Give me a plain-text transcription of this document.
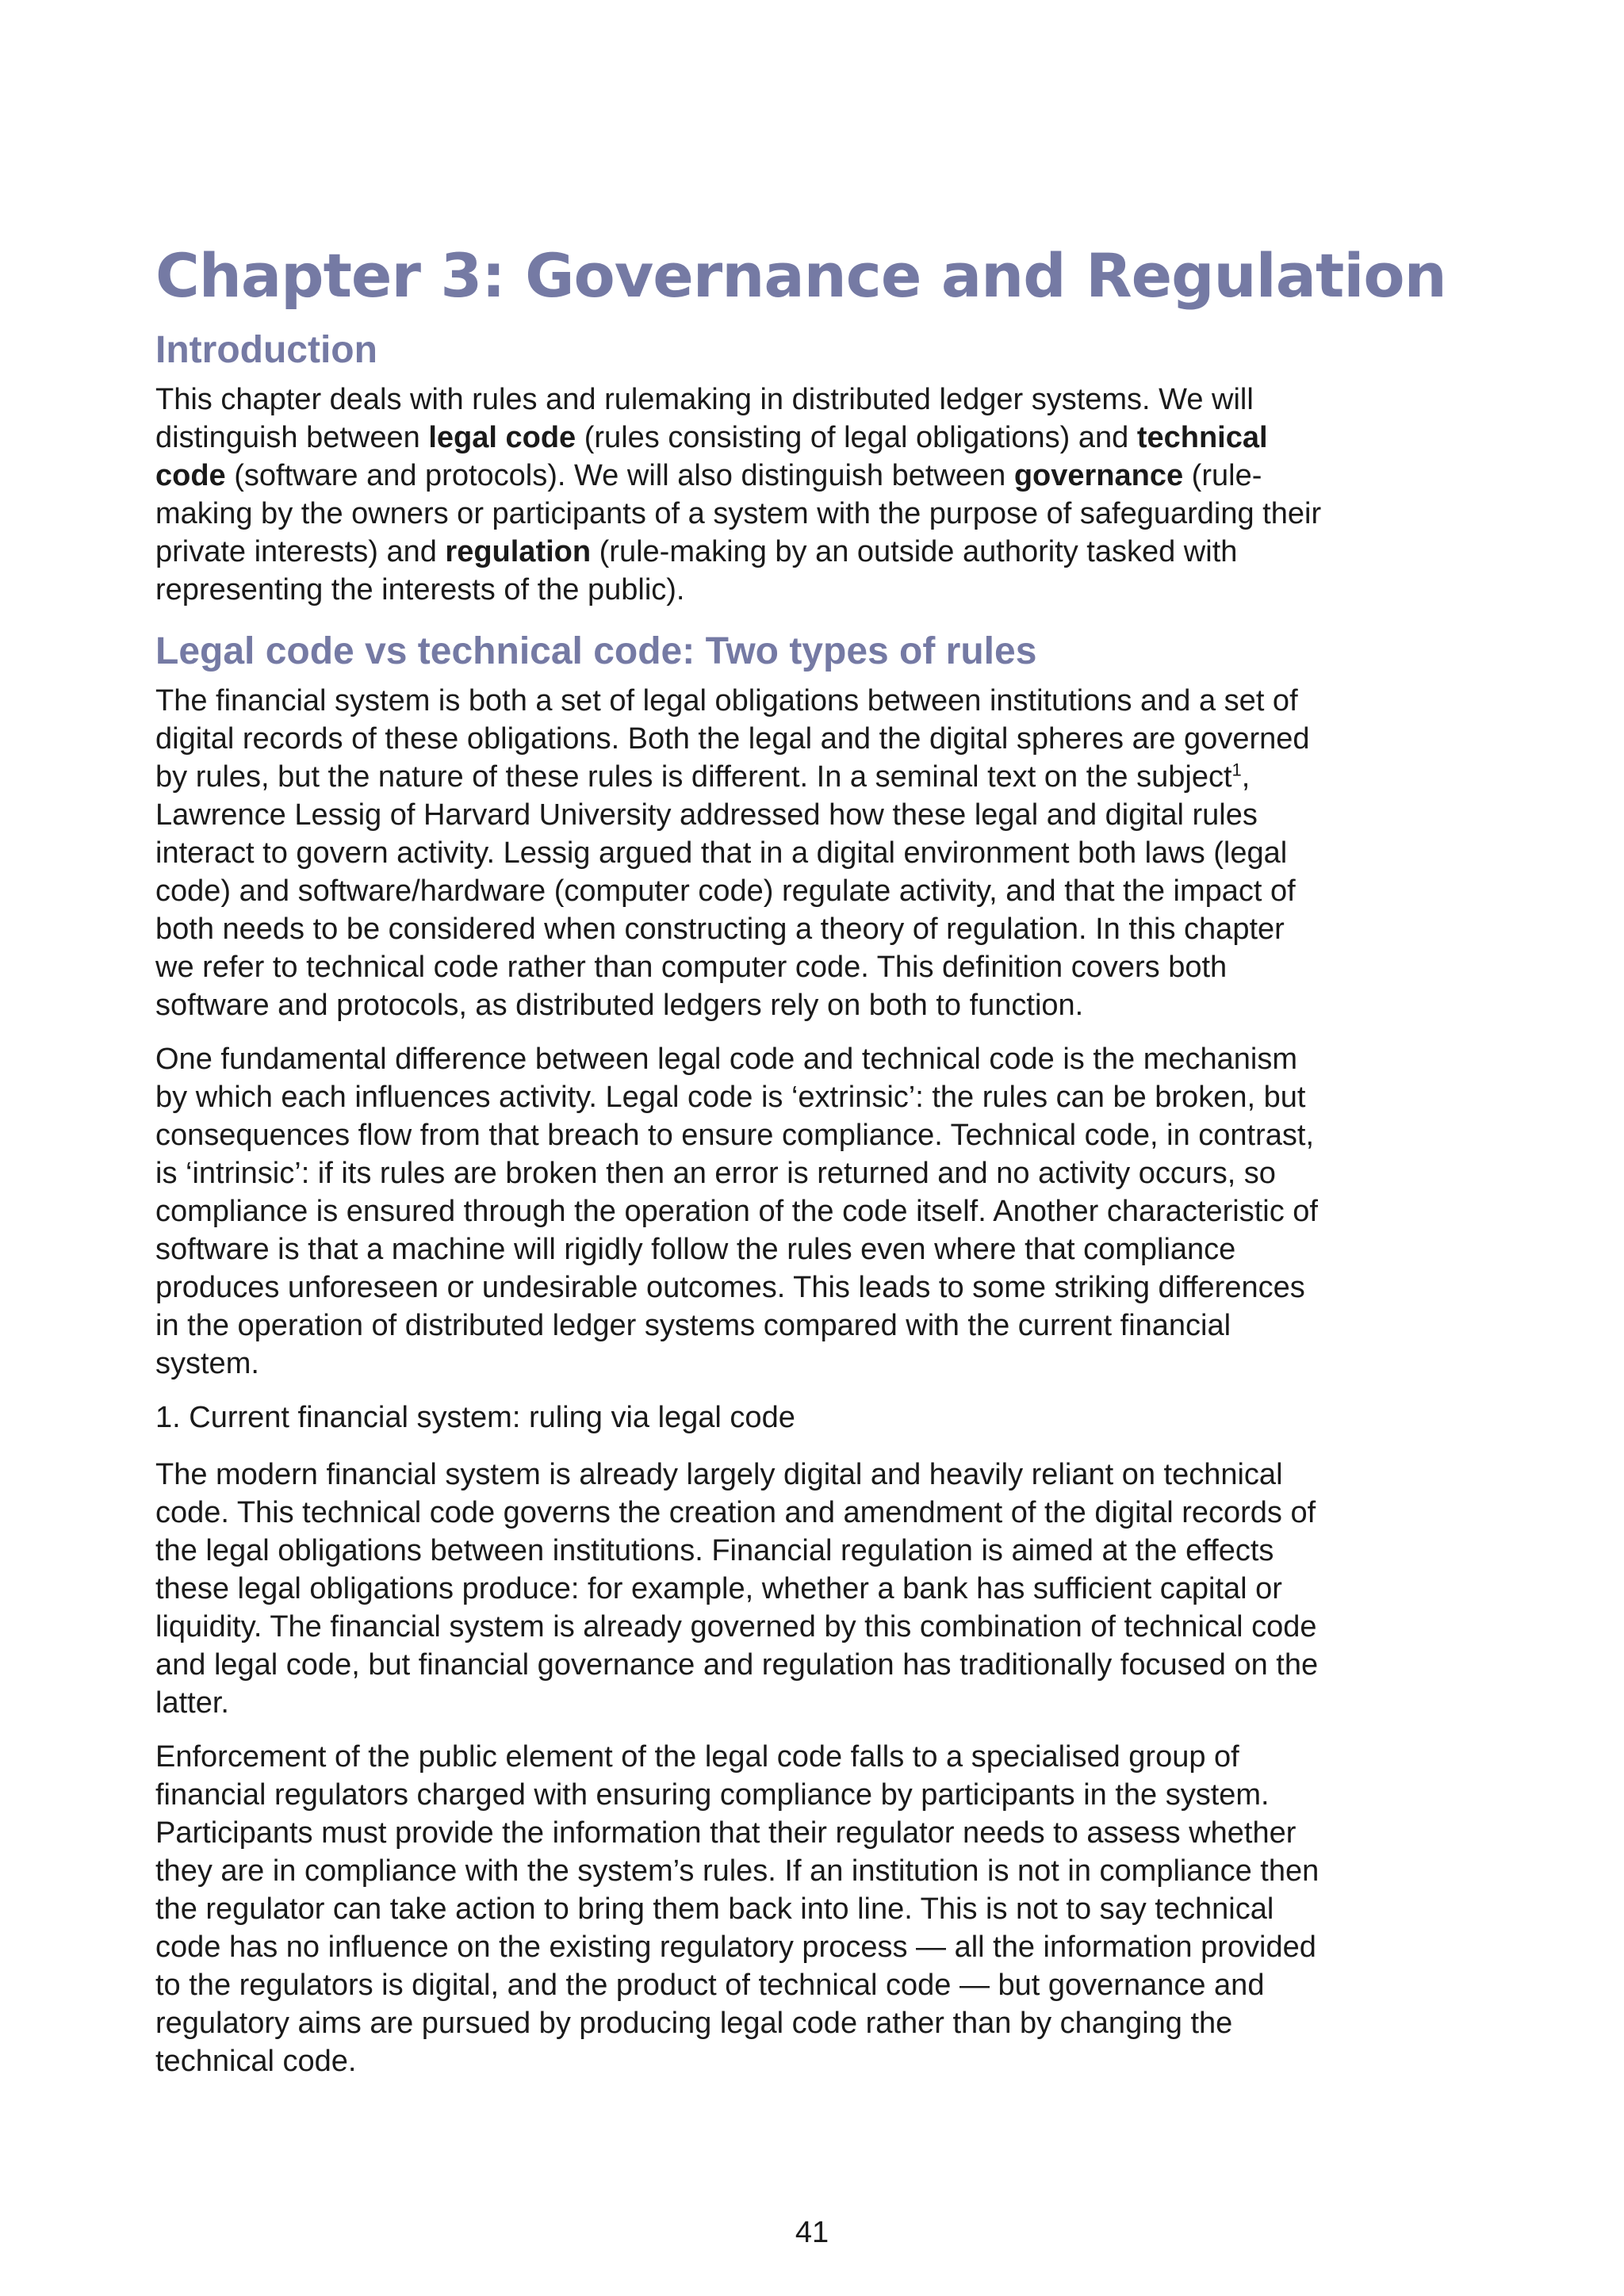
Chapter 3: Governance and Regulation
Introduction

This chapter deals with rules and rulemaking in distributed ledger systems. We will distinguish between legal code (rules consisting of legal obligations) and technical code (software and protocols). We will also distinguish between governance (rule-making by the owners or participants of a system with the purpose of safeguarding their private interests) and regulation (rule-making by an outside authority tasked with representing the interests of the public).

Legal code vs technical code: Two types of rules

The financial system is both a set of legal obligations between institutions and a set of digital records of these obligations. Both the legal and the digital spheres are governed by rules, but the nature of these rules is different. In a seminal text on the subject$^1$, Lawrence Lessig of Harvard University addressed how these legal and digital rules interact to govern activity. Lessig argued that in a digital environment both laws (legal code) and software/hardware (computer code) regulate activity, and that the impact of both needs to be considered when constructing a theory of regulation. In this chapter we refer to technical code rather than computer code. This definition covers both software and protocols, as distributed ledgers rely on both to function.

One fundamental difference between legal code and technical code is the mechanism by which each influences activity. Legal code is ‘extrinsic’: the rules can be broken, but consequences flow from that breach to ensure compliance. Technical code, in contrast, is ‘intrinsic’: if its rules are broken then an error is returned and no activity occurs, so compliance is ensured through the operation of the code itself. Another characteristic of software is that a machine will rigidly follow the rules even where that compliance produces unforeseen or undesirable outcomes. This leads to some striking differences in the operation of distributed ledger systems compared with the current financial system.

1. Current financial system: ruling via legal code

The modern financial system is already largely digital and heavily reliant on technical code. This technical code governs the creation and amendment of the digital records of the legal obligations between institutions. Financial regulation is aimed at the effects these legal obligations produce: for example, whether a bank has sufficient capital or liquidity. The financial system is already governed by this combination of technical code and legal code, but financial governance and regulation has traditionally focused on the latter.

Enforcement of the public element of the legal code falls to a specialised group of financial regulators charged with ensuring compliance by participants in the system. Participants must provide the information that their regulator needs to assess whether they are in compliance with the system’s rules. If an institution is not in compliance then the regulator can take action to bring them back into line. This is not to say technical code has no influence on the existing regulatory process — all the information provided to the regulators is digital, and the product of technical code — but governance and regulatory aims are pursued by producing legal code rather than by changing the technical code.

41
